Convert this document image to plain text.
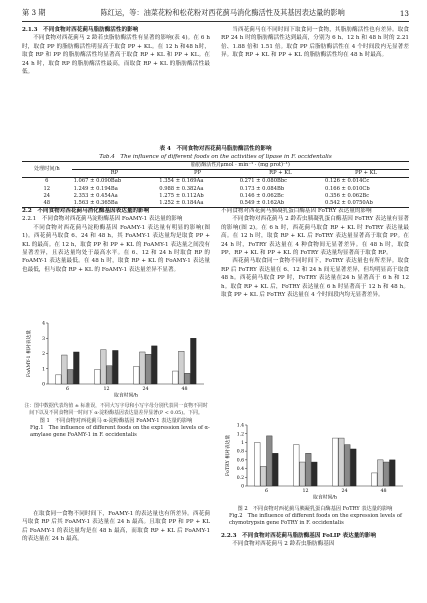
第 3 期	陈红运，等：油菜花粉和松花粉对西花蓟马消化酶活性及其基因表达量的影响	13

2.1.3　不同食物对西花蓟马脂肪酶活性的影响

不同食物对西花蓟马 2 龄若虫脂肪酶活性有显著的影响(表 4)。在 6 h 时，取食 PP 的脂肪酶活性明显高于取食 PP + KL。在 12 h 和48 h时，取食 RP 和 PP 的脂肪酶活性均显著高于取食 RP + KL 和 PP + KL。在 24 h 时，取食 RP 的脂肪酶活性最高，而取食 RP + KL 的脂肪酶活性最低。

当西花蓟马在不同时间下取食同一食物，其脂肪酶活性也有差异。取食 RP 24 h 时的脂肪酶活性达到最高，分别为 6 h、12 h 和 48 h 时的 2.21 倍、1.88 倍和 1.51 倍。取食 PP 后脂肪酶活性在 4 个时间段内无显著差异。取食 RP + KL 和 PP + KL 的脂肪酶活性均在 48 h 时最高。

表 4　不同食物对西花蓟马脂肪酶活性的影响
Tab.4　The influence of different foods on the activities of lipase in F. occidentalis
处理时间/h	脂肪酶活性/(μmol · min⁻¹ · (mg prot)⁻¹)			
	RP	PP	RP + KL	PP + KL
6	1.067 ± 0.090Bab	1.354 ± 0.169Aa	0.271 ± 0.080Bbc	0.126 ± 0.014Cc
12	1.249 ± 0.194Ba	0.988 ± 0.382Aa	0.173 ± 0.084Bb	0.166 ± 0.010Cb
24	2.353 ± 0.454Aa	1.275 ± 0.112Ab	0.146 ± 0.062Bc	0.356 ± 0.062Bc
48	1.563 ± 0.365Ba	1.252 ± 0.184Aa	0.549 ± 0.162Ab	0.542 ± 0.0750Ab

2.2　不同食物对西花蓟马消化酶基因表达量的影响

2.2.1　不同食物对西花蓟马淀粉酶基因 FoAMY-1 表达量的影响

不同食物对西花蓟马淀粉酶基因 FoAMY-1 表达量有明显的影响(图 1)。西花蓟马取食 6、24 和 48 h，其 FoAMY-1 表达量均是取食 PP + KL 的最高。在 12 h，取食 PP 和 PP + KL 的 FoAMY-1 表达量之间没有显著差异，且表达量均处于最高水平。在 6、12 和 24 h 时取食 RP 的 FoAMY-1 表达量最低。在 48 h 时，取食 RP + KL 的 FoAMY-1 表达量也最低，但与取食 RP + KL 的 FoAMY-1 表达量差异不显著。

不同食物对西花蓟马胰凝乳蛋白酶基因 FoTRY 表达量的影响

不同食物对西花蓟马 2 龄若虫胰凝乳蛋白酶基因 FoTRY 表达量有显著的影响(图 2)。在 6 h 时，西花蓟马取食 RP + KL 时 FoTRY 表达量最高。在 12 h 时，取食 RP + KL 后 FoTRY 表达量显著高于取食 PP。在 24 h 时，FoTRY 表达量在 4 种食物间无显著差异。在 48 h 时，取食 PP、RP + KL 和 PP + KL 的 FoTRY 表达量均显著高于取食 RP。

西花蓟马取食同一食物不同时间下，FoTRY 表达量也有所差异。取食 RP 后 FoTRY 表达量在 6、12 和 24 h 间无显著差异，但均明显高于取食 48 h。西花蓟马取食 PP 时，FoTRY 表达量在24 h 显著高于 6 h 和 12 h。取食 RP + KL 后，FoTRY 表达量在 6 h 时显著高于 12 h 和 48 h。取食 PP + KL 后 FoTRY 表达量在 4 个时间段内均无显著差异。

0
1
2
3
4
FoAMY-1 相对表达量
6	12	24	48
取食时间/h
注：图中数据代表均值 ± 标准误，不同大写字母和小写字母分别代表同一食物不同时间下以及不同食物同一时间下 α-淀粉酶基因表达量差异显著(P < 0.05)。下同。
图 1　不同食物对西花蓟马 α-淀粉酶基因 FoAMY-1 表达量的影响
Fig.1　The influence of different foods on the expression levels of α-amylase gene FoAMY-1 in F. occidentalis
0
0.2
0.4
0.6
0.8
1
1.2
1.4
FoTRY 相对表达量
6	12	24	48
取食时间/h
图 2　不同食物对西花蓟马胰凝乳蛋白酶基因 FoTRY 表达量的影响
Fig.2　The influence of different foods on the expression levels of chymotrypsin gene FoTRY in F. occidentalis

在取食同一食物不同时间下，FoAMY-1 的表达量也有所差异。西花蓟马取食 RP 后其 FoAMY-1 表达量在 24 h 最高。且取食 PP 和 PP + KL 后 FoAMY-1 的表达量均是在 48 h 最高，而取食 RP + KL 后 FoAMY-1 的表达量在 24 h 最高。

2.2.3　不同食物对西花蓟马脂肪酶基因 FoLIP 表达量的影响

不同食物对西花蓟马 2 龄若虫脂肪酶基因
